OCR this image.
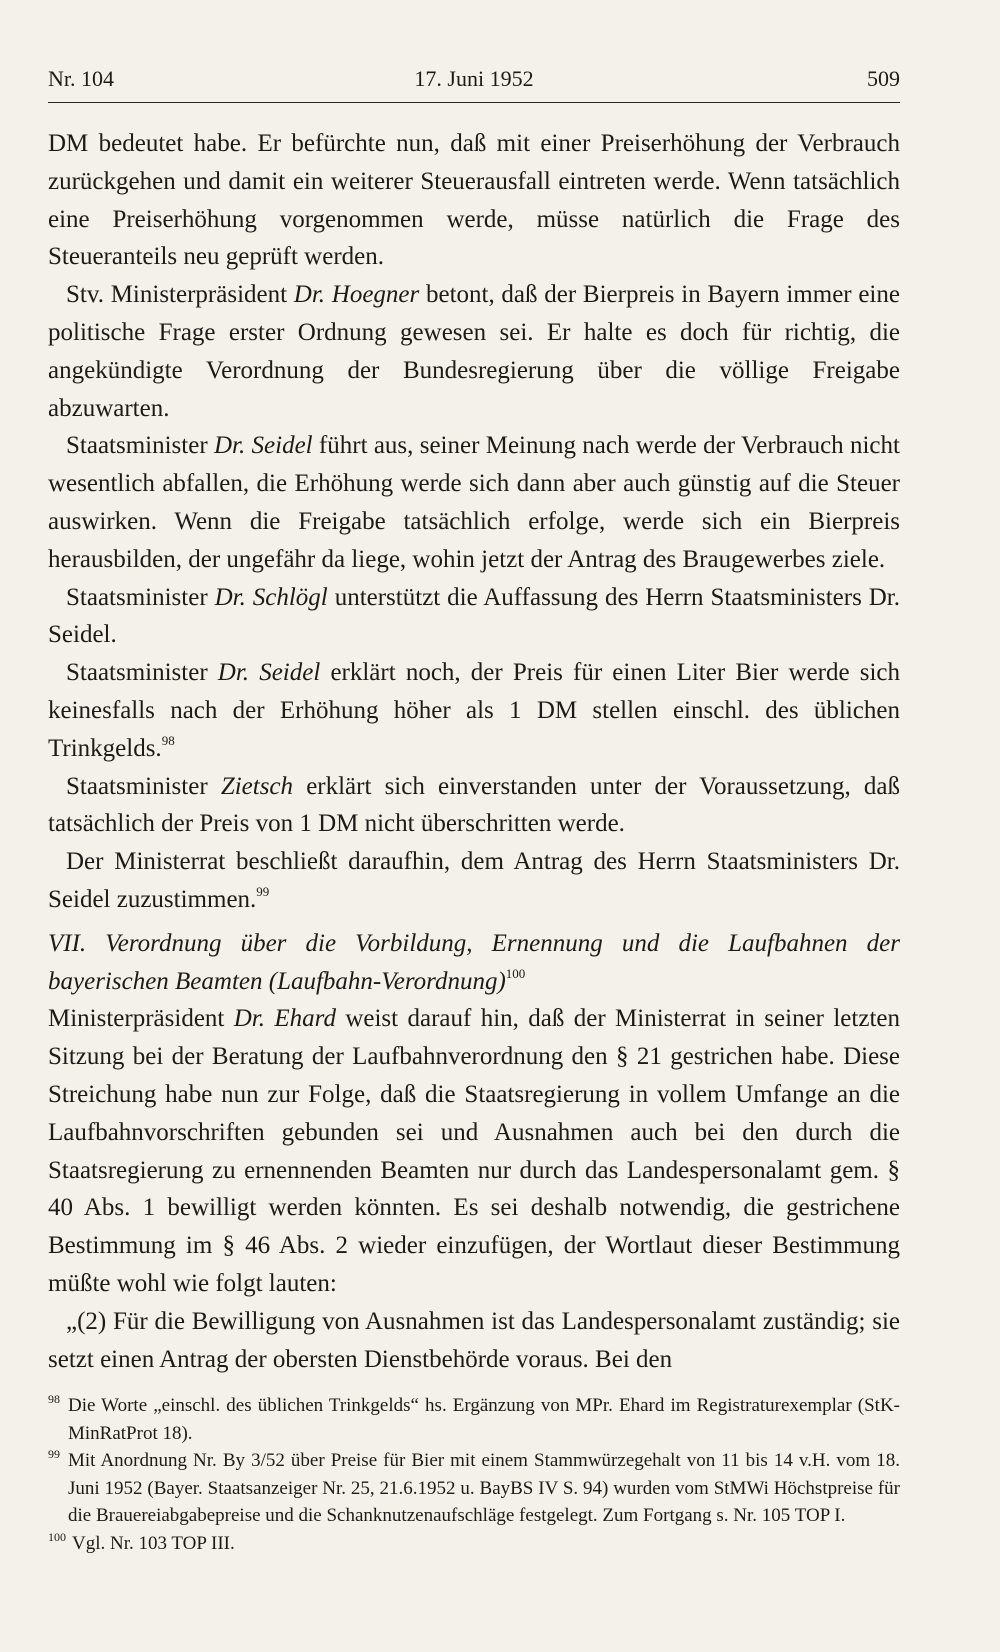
Nr. 104	17. Juni 1952	509

DM bedeutet habe. Er befürchte nun, daß mit einer Preiserhöhung der Verbrauch zurückgehen und damit ein weiterer Steuerausfall eintreten werde. Wenn tatsächlich eine Preiserhöhung vorgenommen werde, müsse natürlich die Frage des Steueranteils neu geprüft werden.

Stv. Ministerpräsident Dr. Hoegner betont, daß der Bierpreis in Bayern immer eine politische Frage erster Ordnung gewesen sei. Er halte es doch für richtig, die angekündigte Verordnung der Bundesregierung über die völlige Freigabe abzuwarten.

Staatsminister Dr. Seidel führt aus, seiner Meinung nach werde der Verbrauch nicht wesentlich abfallen, die Erhöhung werde sich dann aber auch günstig auf die Steuer auswirken. Wenn die Freigabe tatsächlich erfolge, werde sich ein Bierpreis herausbilden, der ungefähr da liege, wohin jetzt der Antrag des Braugewerbes ziele.

Staatsminister Dr. Schlögl unterstützt die Auffassung des Herrn Staatsministers Dr. Seidel.

Staatsminister Dr. Seidel erklärt noch, der Preis für einen Liter Bier werde sich keinesfalls nach der Erhöhung höher als 1 DM stellen einschl. des üblichen Trinkgelds.$^{98}$

Staatsminister Zietsch erklärt sich einverstanden unter der Voraussetzung, daß tatsächlich der Preis von 1 DM nicht überschritten werde.

Der Ministerrat beschließt daraufhin, dem Antrag des Herrn Staatsministers Dr. Seidel zuzustimmen.$^{99}$

VII. Verordnung über die Vorbildung, Ernennung und die Laufbahnen der bayerischen Beamten (Laufbahn-Verordnung)$^{100}$

Ministerpräsident Dr. Ehard weist darauf hin, daß der Ministerrat in seiner letzten Sitzung bei der Beratung der Laufbahnverordnung den § 21 gestrichen habe. Diese Streichung habe nun zur Folge, daß die Staatsregierung in vollem Umfange an die Laufbahnvorschriften gebunden sei und Ausnahmen auch bei den durch die Staatsregierung zu ernennenden Beamten nur durch das Landespersonalamt gem. § 40 Abs. 1 bewilligt werden könnten. Es sei deshalb notwendig, die gestrichene Bestimmung im § 46 Abs. 2 wieder einzufügen, der Wortlaut dieser Bestimmung müßte wohl wie folgt lauten:

„(2) Für die Bewilligung von Ausnahmen ist das Landespersonalamt zuständig; sie setzt einen Antrag der obersten Dienstbehörde voraus. Bei den

98 Die Worte „einschl. des üblichen Trinkgelds“ hs. Ergänzung von MPr. Ehard im Registraturexemplar (StK-MinRatProt 18).
99 Mit Anordnung Nr. By 3/52 über Preise für Bier mit einem Stammwürzegehalt von 11 bis 14 v.H. vom 18. Juni 1952 (Bayer. Staatsanzeiger Nr. 25, 21.6.1952 u. BayBS IV S. 94) wurden vom StMWi Höchstpreise für die Brauereiabgabepreise und die Schanknutzenaufschläge festgelegt. Zum Fortgang s. Nr. 105 TOP I.
100 Vgl. Nr. 103 TOP III.
